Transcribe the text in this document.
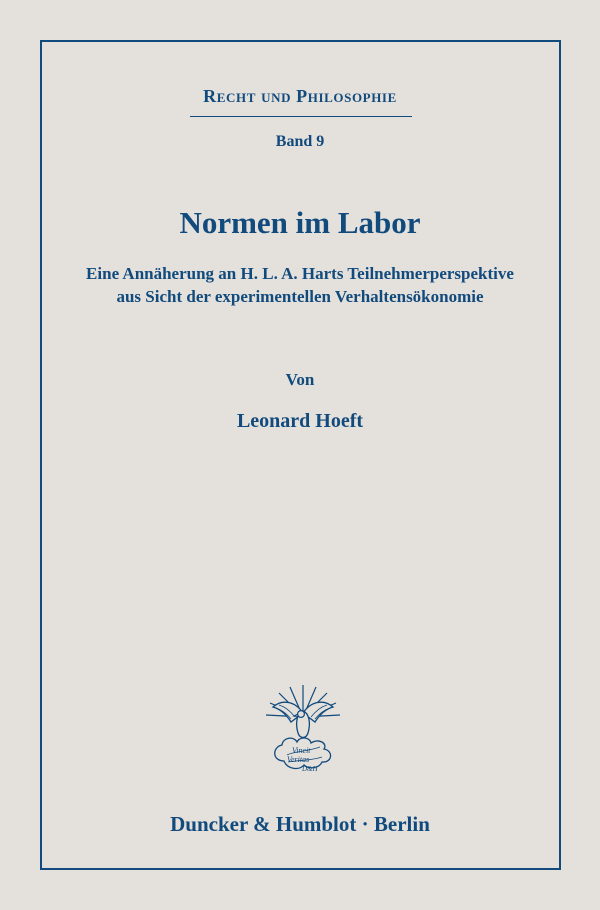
Recht und Philosophie
Band 9
Normen im Labor
Eine Annäherung an H. L. A. Harts Teilnehmerperspektive
aus Sicht der experimentellen Verhaltensökonomie
Von
Leonard Hoeft
Vincit
Veritas
D&H
Duncker & Humblot · Berlin
